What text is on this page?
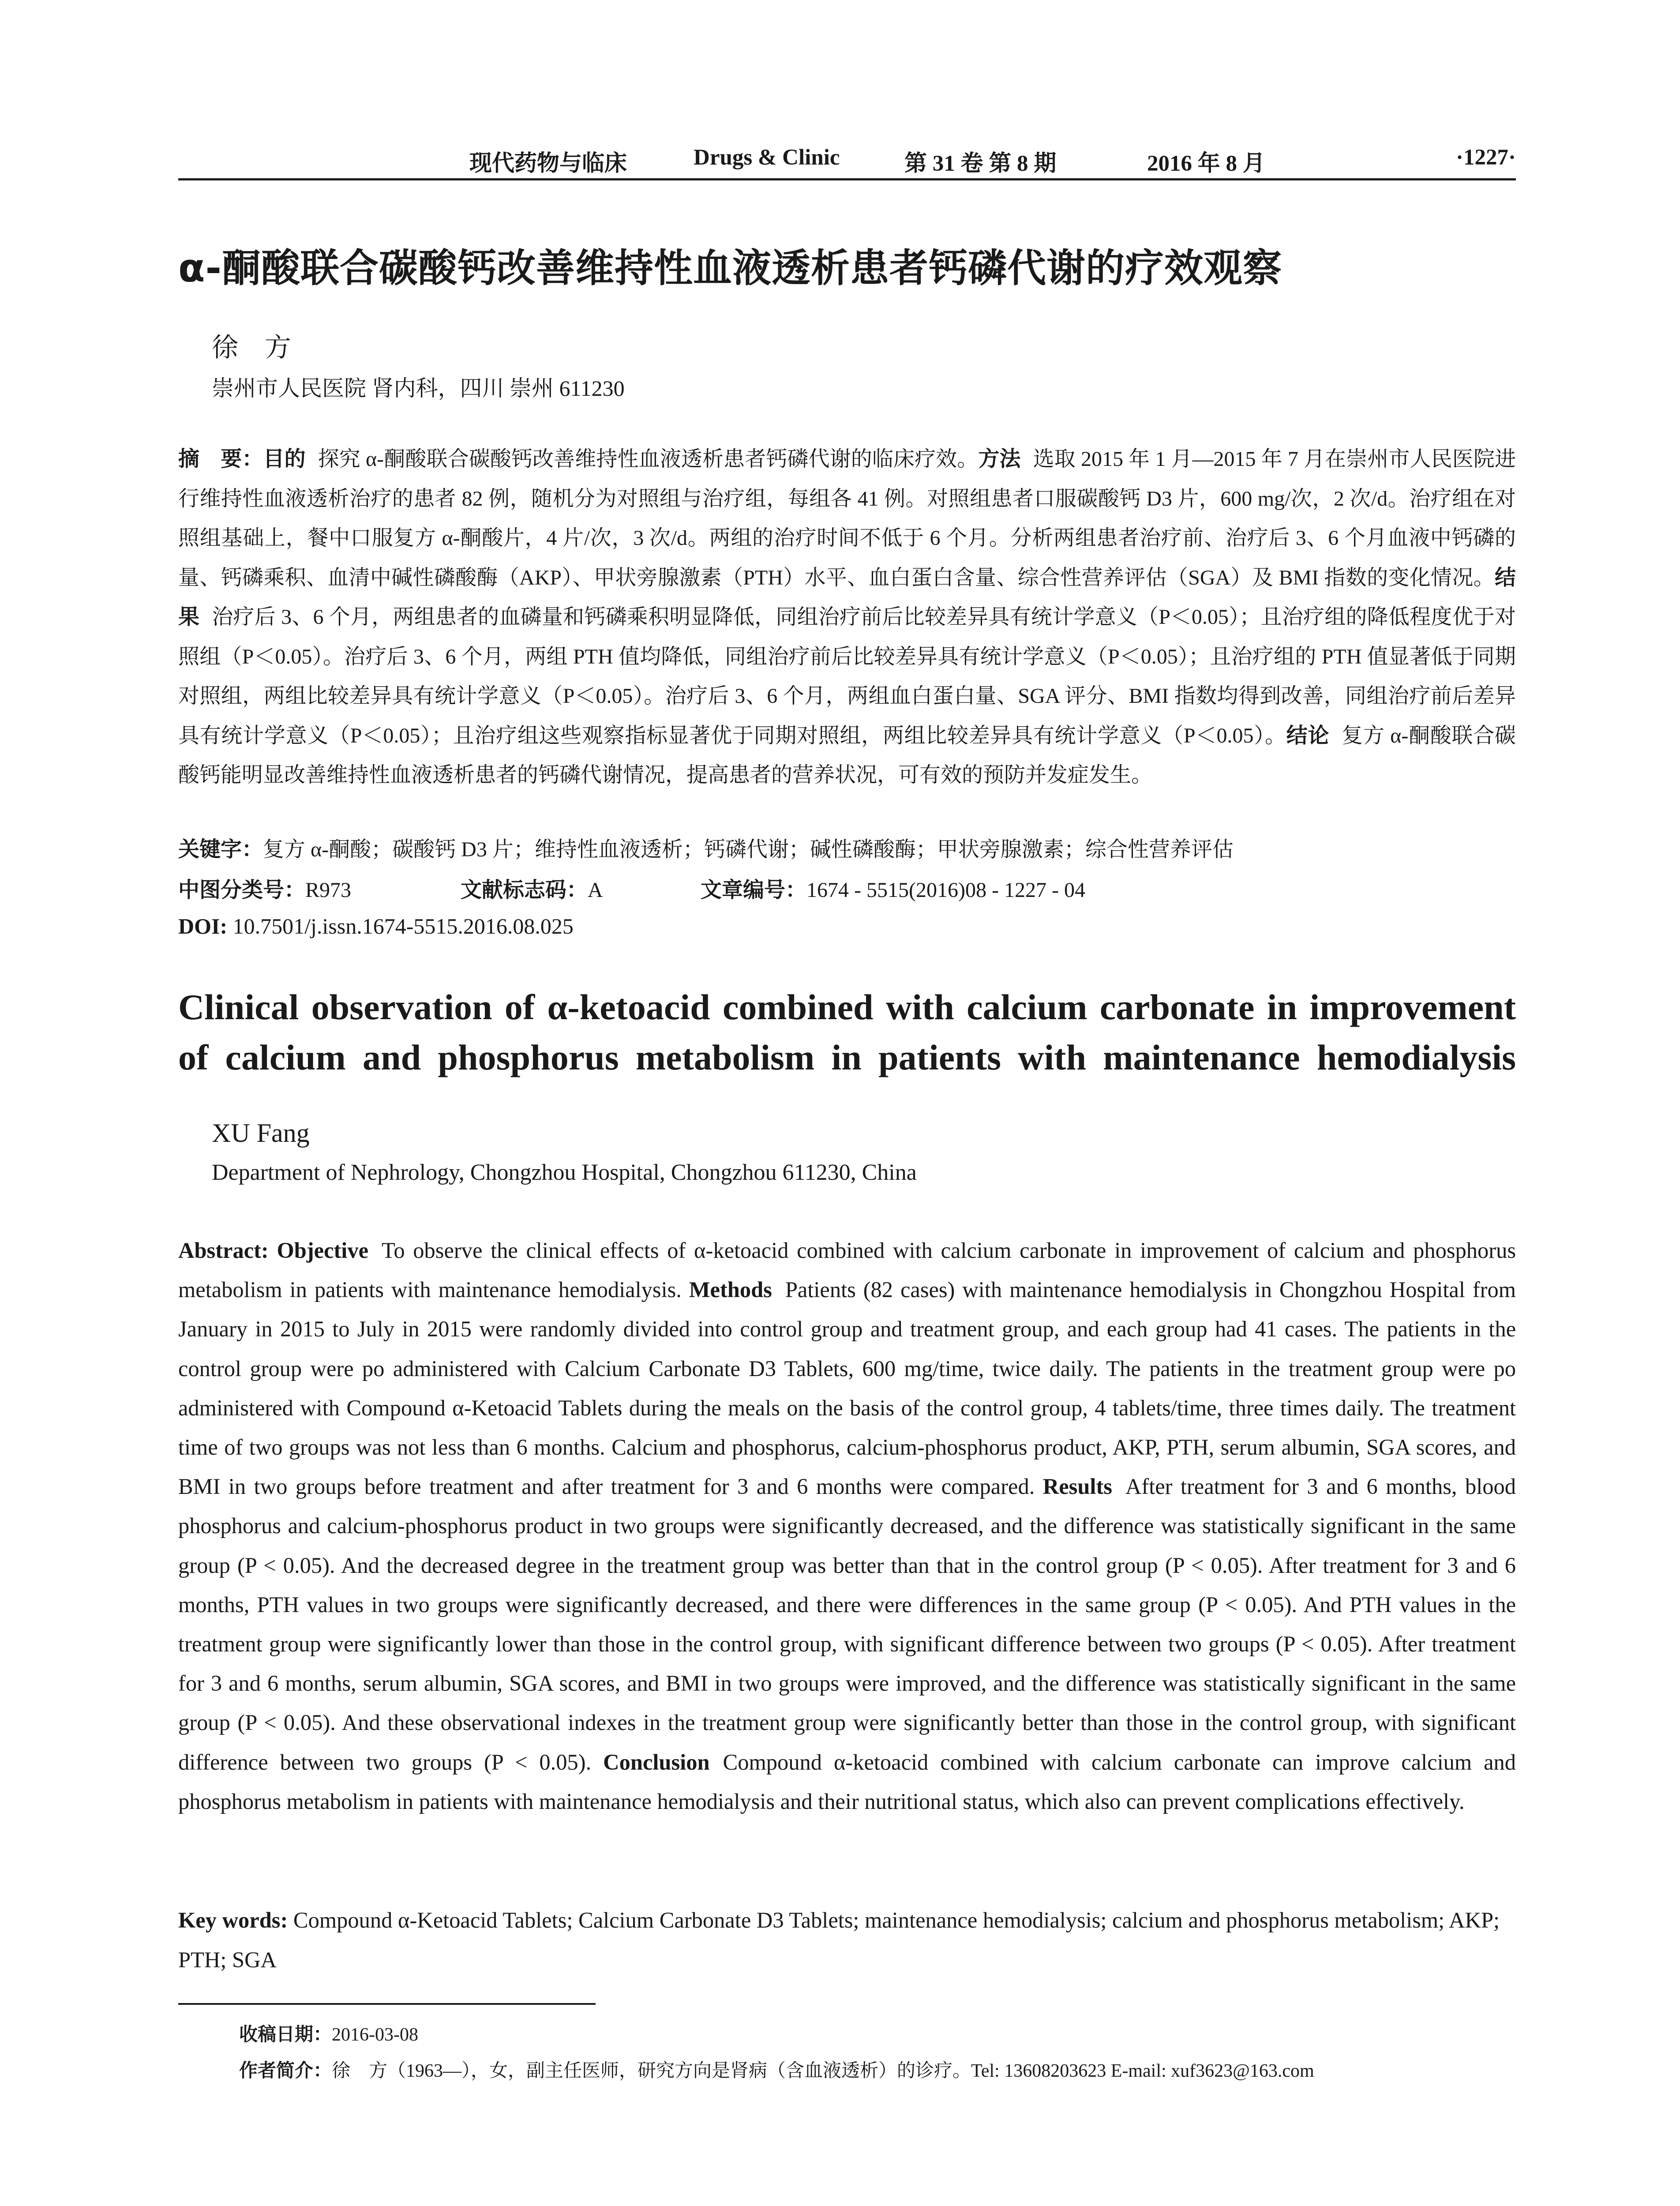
现代药物与临床	Drugs & Clinic	第 31 卷 第 8 期	2016 年 8 月	·1227·
α-酮酸联合碳酸钙改善维持性血液透析患者钙磷代谢的疗效观察
徐方
崇州市人民医院 肾内科，四川 崇州 611230
摘　要：目的 探究 α-酮酸联合碳酸钙改善维持性血液透析患者钙磷代谢的临床疗效。方法 选取 2015 年 1 月—2015 年 7 月在崇州市人民医院进行维持性血液透析治疗的患者 82 例，随机分为对照组与治疗组，每组各 41 例。对照组患者口服碳酸钙 D3 片，600 mg/次，2 次/d。治疗组在对照组基础上，餐中口服复方 α-酮酸片，4 片/次，3 次/d。两组的治疗时间不低于 6 个月。分析两组患者治疗前、治疗后 3、6 个月血液中钙磷的量、钙磷乘积、血清中碱性磷酸酶（AKP）、甲状旁腺激素（PTH）水平、血白蛋白含量、综合性营养评估（SGA）及 BMI 指数的变化情况。结果 治疗后 3、6 个月，两组患者的血磷量和钙磷乘积明显降低，同组治疗前后比较差异具有统计学意义（P＜0.05）；且治疗组的降低程度优于对照组（P＜0.05）。治疗后 3、6 个月，两组 PTH 值均降低，同组治疗前后比较差异具有统计学意义（P＜0.05）；且治疗组的 PTH 值显著低于同期对照组，两组比较差异具有统计学意义（P＜0.05）。治疗后 3、6 个月，两组血白蛋白量、SGA 评分、BMI 指数均得到改善，同组治疗前后差异具有统计学意义（P＜0.05）；且治疗组这些观察指标显著优于同期对照组，两组比较差异具有统计学意义（P＜0.05）。结论 复方 α-酮酸联合碳酸钙能明显改善维持性血液透析患者的钙磷代谢情况，提高患者的营养状况，可有效的预防并发症发生。
关键字：复方 α-酮酸；碳酸钙 D3 片；维持性血液透析；钙磷代谢；碱性磷酸酶；甲状旁腺激素；综合性营养评估
中图分类号：R973	文献标志码：A	文章编号：1674 - 5515(2016)08 - 1227 - 04
DOI: 10.7501/j.issn.1674-5515.2016.08.025
Clinical observation of α-ketoacid combined with calcium carbonate in improvement of calcium and phosphorus metabolism in patients with maintenance hemodialysis
XU Fang
Department of Nephrology, Chongzhou Hospital, Chongzhou 611230, China
Abstract: Objective To observe the clinical effects of α-ketoacid combined with calcium carbonate in improvement of calcium and phosphorus metabolism in patients with maintenance hemodialysis. Methods Patients (82 cases) with maintenance hemodialysis in Chongzhou Hospital from January in 2015 to July in 2015 were randomly divided into control group and treatment group, and each group had 41 cases. The patients in the control group were po administered with Calcium Carbonate D3 Tablets, 600 mg/time, twice daily. The patients in the treatment group were po administered with Compound α-Ketoacid Tablets during the meals on the basis of the control group, 4 tablets/time, three times daily. The treatment time of two groups was not less than 6 months. Calcium and phosphorus, calcium-phosphorus product, AKP, PTH, serum albumin, SGA scores, and BMI in two groups before treatment and after treatment for 3 and 6 months were compared. Results After treatment for 3 and 6 months, blood phosphorus and calcium-phosphorus product in two groups were significantly decreased, and the difference was statistically significant in the same group (P < 0.05). And the decreased degree in the treatment group was better than that in the control group (P < 0.05). After treatment for 3 and 6 months, PTH values in two groups were significantly decreased, and there were differences in the same group (P < 0.05). And PTH values in the treatment group were significantly lower than those in the control group, with significant difference between two groups (P < 0.05). After treatment for 3 and 6 months, serum albumin, SGA scores, and BMI in two groups were improved, and the difference was statistically significant in the same group (P < 0.05). And these observational indexes in the treatment group were significantly better than those in the control group, with significant difference between two groups (P < 0.05). Conclusion Compound α-ketoacid combined with calcium carbonate can improve calcium and phosphorus metabolism in patients with maintenance hemodialysis and their nutritional status, which also can prevent complications effectively.
Key words: Compound α-Ketoacid Tablets; Calcium Carbonate D3 Tablets; maintenance hemodialysis; calcium and phosphorus metabolism; AKP; PTH; SGA
收稿日期：2016-03-08
作者简介：徐　方（1963—），女，副主任医师，研究方向是肾病（含血液透析）的诊疗。Tel: 13608203623 E-mail: xuf3623@163.com
